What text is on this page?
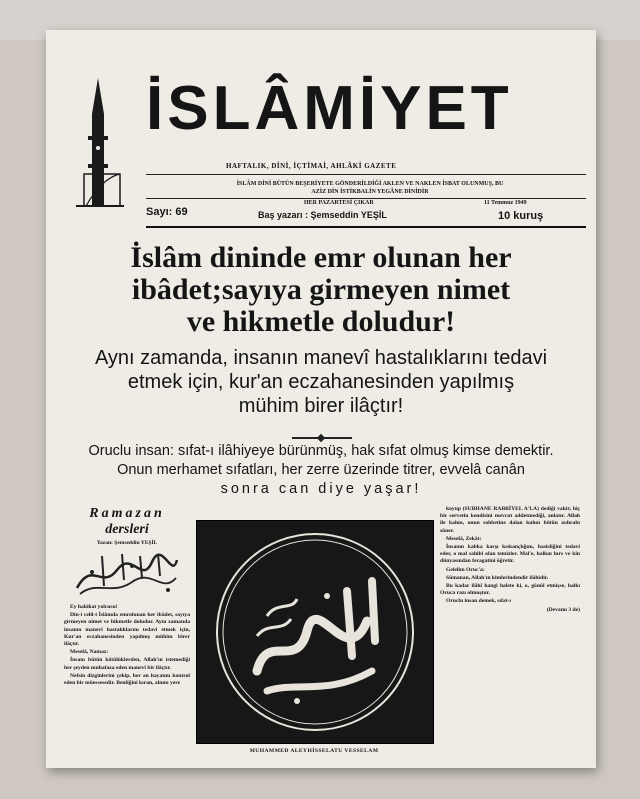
İSLÂMİYET
HAFTALIK, DİNİ, İÇTİMAİ, AHLÂKİ GAZETE
İSLÂM DİNİ BÜTÜN BEŞERİYETE GÖNDERİLDİĞİ AKLEN VE NAKLEN İSBAT OLUNMUŞ, BU
AZİZ DİN İSTİKBALİN YEGÂNE DİNİDİR
Sayı: 69
HER PAZARTESİ ÇIKAR	11 Temmuz 1949
Baş yazarı : Şemseddin YEŞİL	10 kuruş
İslâm dininde emr olunan her
ibâdet;sayıya girmeyen nimet
ve hikmetle doludur!
Aynı zamanda, insanın manevî hastalıklarını tedavi
etmek için, kur'an eczahanesinden yapılmış
mühim birer ilâçtır!
Oruclu insan: sıfat-ı ilâhiyeye bürünmüş, hak sıfat olmuş kimse demektir.
Onun merhamet sıfatları, her zerre üzerinde titrer, evvelâ canân
sonra can diye yaşar!
Ramazan
dersleri
Yazan: Şemseddin YEŞİL

Ey hakikat yolcusu!

Din-i celil-i İslâmda emrolunan her ibâdet, sayıya girmeyen nimet ve hikmetle doludur. Aynı zamanda insanın manevî hastalıklarını tedavi etmek için, Kur'an eczahanesinden yapılmış mühim birer ilâçtır.

Meselâ, Namaz:

İnsanı bütün kötülüklerden, Allah'ın istemediği her şeyden muhafaza eden manevî bir ilâçtır.

Nefsin dizginlerini çekip, her an hayatını kontrol eden bir müessesedir. Benliğini kıran, alnını yere

MUHAMMED ALEYHİSSELATU VESSELAM

koyup (SUBHANE RABBİYEL A'LA) dediği vakit; hiç bir servetin kendisini mevcut addetmediği, anlatır. Allah ile kalım, onun sohbetine dalan kulun bütün ızdırabı söner.

Meselâ, Zekât:

İnsanın kabka karşı kıskançlığını, hasisliğini tedavi eder, o mal sahibi olan temizler. Mal'e, halkın hırs ve kin dünyasından feragatini öğretir.

Gelelim Oruc'a:

Sümanan, Allah'ın kimlerindendir ilâhidir.

Bu kadar ilâhî hangi halete ki, o, gönül etmişse, halkı Oruca razı olmuştur.

Oruclu insan demek, sıfat-ı

(Devamı 3 de)
